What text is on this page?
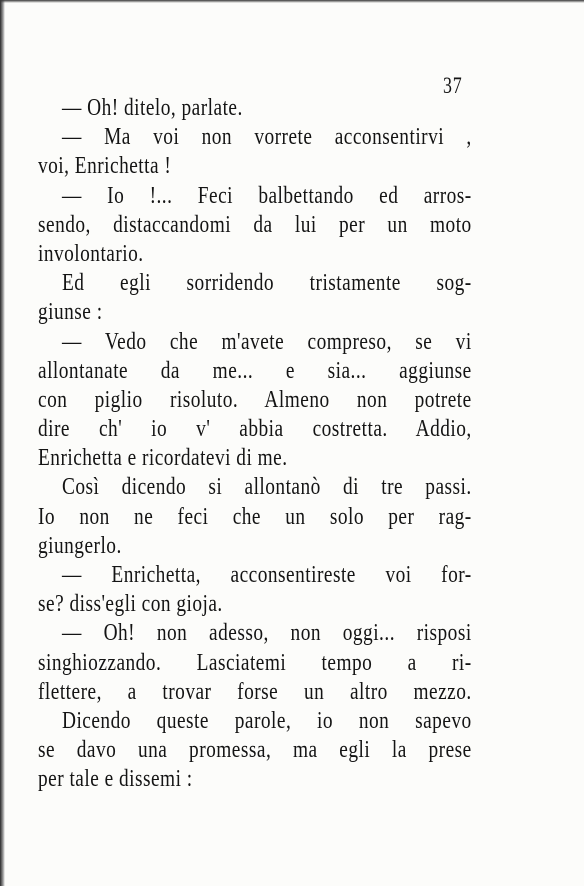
37
— Oh! ditelo, parlate.
— Ma voi non vorrete acconsentirvi ,
voi, Enrichetta !
— Io !... Feci balbettando ed arros-
sendo, distaccandomi da lui per un moto
involontario.
Ed egli sorridendo tristamente sog-
giunse :
— Vedo che m'avete compreso, se vi
allontanate da me... e sia... aggiunse
con piglio risoluto. Almeno non potrete
dire ch' io v' abbia costretta. Addio,
Enrichetta e ricordatevi di me.
Così dicendo si allontanò di tre passi.
Io non ne feci che un solo per rag-
giungerlo.
— Enrichetta, acconsentireste voi for-
se? diss'egli con gioja.
— Oh! non adesso, non oggi... risposi
singhiozzando. Lasciatemi tempo a ri-
flettere, a trovar forse un altro mezzo.
Dicendo queste parole, io non sapevo
se davo una promessa, ma egli la prese
per tale e dissemi :
